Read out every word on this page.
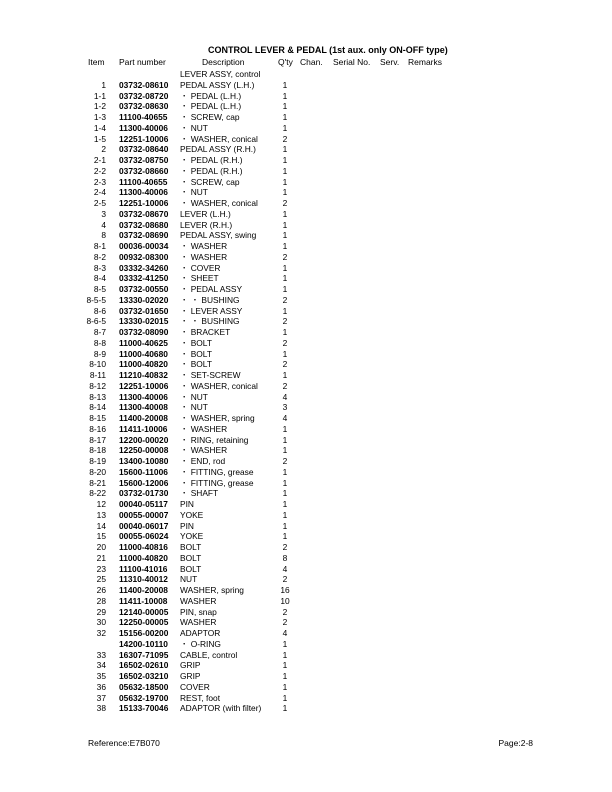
CONTROL LEVER & PEDAL (1st aux. only ON-OFF type)
Item Part number	Description	Q'ty Chan. Serial No. Serv. Remarks
LEVER ASSY, control
1 03732-08610 PEDAL ASSY (L.H.)	1
1-1 03732-08720 ・ PEDAL (L.H.)	1
1-2 03732-08630 ・ PEDAL (L.H.)	1
1-3 11100-40655 ・ SCREW, cap	1
1-4 11300-40006 ・ NUT	1
1-5 12251-10006 ・ WASHER, conical	2
2 03732-08640 PEDAL ASSY (R.H.)	1
2-1 03732-08750 ・ PEDAL (R.H.)	1
2-2 03732-08660 ・ PEDAL (R.H.)	1
2-3 11100-40655 ・ SCREW, cap	1
2-4 11300-40006 ・ NUT	1
2-5 12251-10006 ・ WASHER, conical	2
3 03732-08670 LEVER (L.H.)	1
4 03732-08680 LEVER (R.H.)	1
8 03732-08690 PEDAL ASSY, swing	1
8-1 00036-00034 ・ WASHER	1
8-2 00932-08300 ・ WASHER	2
8-3 03332-34260 ・ COVER	1
8-4 03332-41250 ・ SHEET	1
8-5 03732-00550 ・ PEDAL ASSY	1
8-5-5 13330-02020 ・ ・ BUSHING	2
8-6 03732-01650 ・ LEVER ASSY	1
8-6-5 13330-02015 ・ ・ BUSHING	2
8-7 03732-08090 ・ BRACKET	1
8-8 11000-40625 ・ BOLT	2
8-9 11000-40680 ・ BOLT	1
8-10 11000-40820 ・ BOLT	2
8-11 11210-40832 ・ SET-SCREW	1
8-12 12251-10006 ・ WASHER, conical	2
8-13 11300-40006 ・ NUT	4
8-14 11300-40008 ・ NUT	3
8-15 11400-20008 ・ WASHER, spring	4
8-16 11411-10006 ・ WASHER	1
8-17 12200-00020 ・ RING, retaining	1
8-18 12250-00008 ・ WASHER	1
8-19 13400-10080 ・ END, rod	2
8-20 15600-11006 ・ FITTING, grease	1
8-21 15600-12006 ・ FITTING, grease	1
8-22 03732-01730 ・ SHAFT	1
12 00040-05117 PIN	1
13 00055-00007 YOKE	1
14 00040-06017 PIN	1
15 00055-06024 YOKE	1
20 11000-40816 BOLT	2
21 11000-40820 BOLT	8
23 11100-41016 BOLT	4
25 11310-40012 NUT	2
26 11400-20008 WASHER, spring	16
28 11411-10008 WASHER	10
29 12140-00005 PIN, snap	2
30 12250-00005 WASHER	2
32 15156-00200 ADAPTOR	4
14200-10110 ・ O-RING	1
33 16307-71095 CABLE, control	1
34 16502-02610 GRIP	1
35 16502-03210 GRIP	1
36 05632-18500 COVER	1
37 05632-19700 REST, foot	1
38 15133-70046 ADAPTOR (with filter)	1
Reference:E7B070	Page:2-8
